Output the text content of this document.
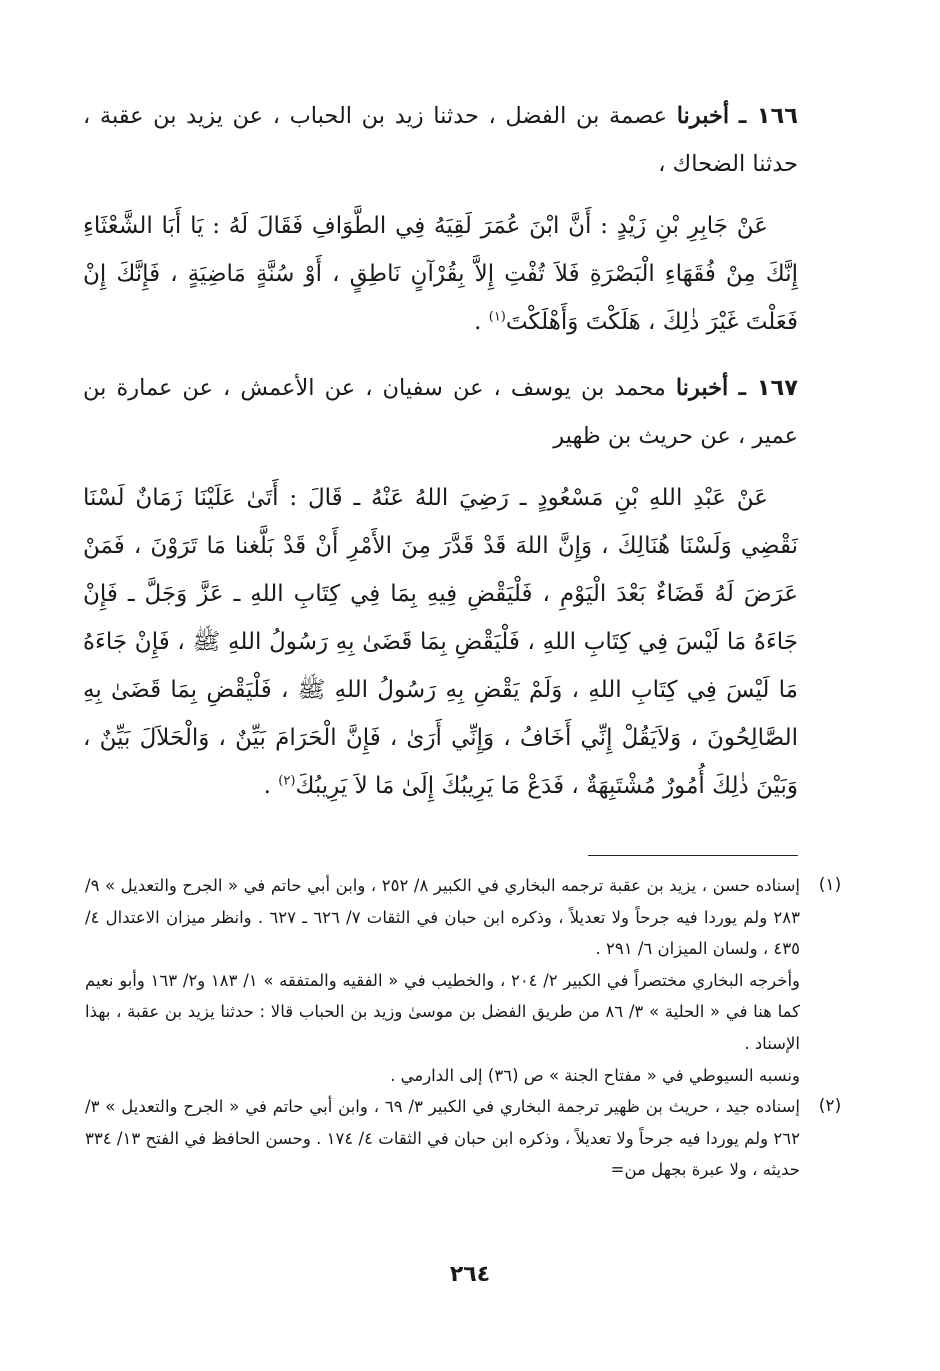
١٦٦ ـ أخبرنا عصمة بن الفضل ، حدثنا زيد بن الحباب ، عن يزيد بن عقبة ، حدثنا الضحاك ،

عَنْ جَابِرِ بْنِ زَيْدٍ : أَنَّ ابْنَ عُمَرَ لَقِيَهُ فِي الطَّوَافِ فَقَالَ لَهُ : يَا أَبَا الشَّعْثَاءِ إِنَّكَ مِنْ فُقَهَاءِ الْبَصْرَةِ فَلاَ تُفْتِ إِلاَّ بِقُرْآنٍ نَاطِقٍ ، أَوْ سُنَّةٍ مَاضِيَةٍ ، فَإِنَّكَ إِنْ فَعَلْتَ غَيْرَ ذٰلِكَ ، هَلَكْتَ وَأَهْلَكْتَ$^{(١)}$ .

١٦٧ ـ أخبرنا محمد بن يوسف ، عن سفيان ، عن الأعمش ، عن عمارة بن عمير ، عن حريث بن ظهير

عَنْ عَبْدِ اللهِ بْنِ مَسْعُودٍ ـ رَضِيَ اللهُ عَنْهُ ـ قَالَ : أَتَىٰ عَلَيْنَا زَمَانٌ لَسْنَا نَقْضِي وَلَسْنَا هُنَالِكَ ، وَإِنَّ اللهَ قَدْ قَدَّرَ مِنَ الأَمْرِ أَنْ قَدْ بَلَّغنا مَا تَرَوْنَ ، فَمَنْ عَرَضَ لَهُ قَضَاءٌ بَعْدَ الْيَوْمِ ، فَلْيَقْضِ فِيهِ بِمَا فِي كِتَابِ اللهِ ـ عَزَّ وَجَلَّ ـ فَإِنْ جَاءَهُ مَا لَيْسَ فِي كِتَابِ اللهِ ، فَلْيَقْضِ بِمَا قَضَىٰ بِهِ رَسُولُ اللهِ ﷺ ، فَإِنْ جَاءَهُ مَا لَيْسَ فِي كِتَابِ اللهِ ، وَلَمْ يَقْضِ بِهِ رَسُولُ اللهِ ﷺ ، فَلْيَقْضِ بِمَا قَضَىٰ بِهِ الصَّالِحُونَ ، وَلاَيَقُلْ إِنِّي أَخَافُ ، وَإِنِّي أَرَىٰ ، فَإِنَّ الْحَرَامَ بَيِّنٌ ، وَالْحَلاَلَ بَيِّنٌ ، وَبَيْنَ ذٰلِكَ أُمُورٌ مُشْتَبِهَةٌ ، فَدَعْ مَا يَرِيبُكَ إِلَىٰ مَا لاَ يَرِيبُكَ$^{(٢)}$ .

(١)

إسناده حسن ، يزيد بن عقبة ترجمه البخاري في الكبير ٨/ ٢٥٢ ، وابن أبي حاتم في « الجرح والتعديل » ٩/ ٢٨٣ ولم يوردا فيه جرحاً ولا تعديلاً ، وذكره ابن حبان في الثقات ٧/ ٦٢٦ ـ ٦٢٧ . وانظر ميزان الاعتدال ٤/ ٤٣٥ ، ولسان الميزان ٦/ ٢٩١ .

وأخرجه البخاري مختصراً في الكبير ٢/ ٢٠٤ ، والخطيب في « الفقيه والمتفقه » ١/ ١٨٣ و٢/ ١٦٣ وأبو نعيم كما هنا في « الحلية » ٣/ ٨٦ من طريق الفضل بن موسىٰ وزيد بن الحباب قالا : حدثنا يزيد بن عقبة ، بهذا الإسناد .

ونسبه السيوطي في « مفتاح الجنة » ص (٣٦) إلى الدارمي .

(٢)

إسناده جيد ، حريث بن ظهير ترجمة البخاري في الكبير ٣/ ٦٩ ، وابن أبي حاتم في « الجرح والتعديل » ٣/ ٢٦٢ ولم يوردا فيه جرحاً ولا تعديلاً ، وذكره ابن حبان في الثقات ٤/ ١٧٤ . وحسن الحافظ في الفتح ١٣/ ٣٣٤ حديثه ، ولا عبرة بجهل من=

٢٦٤
